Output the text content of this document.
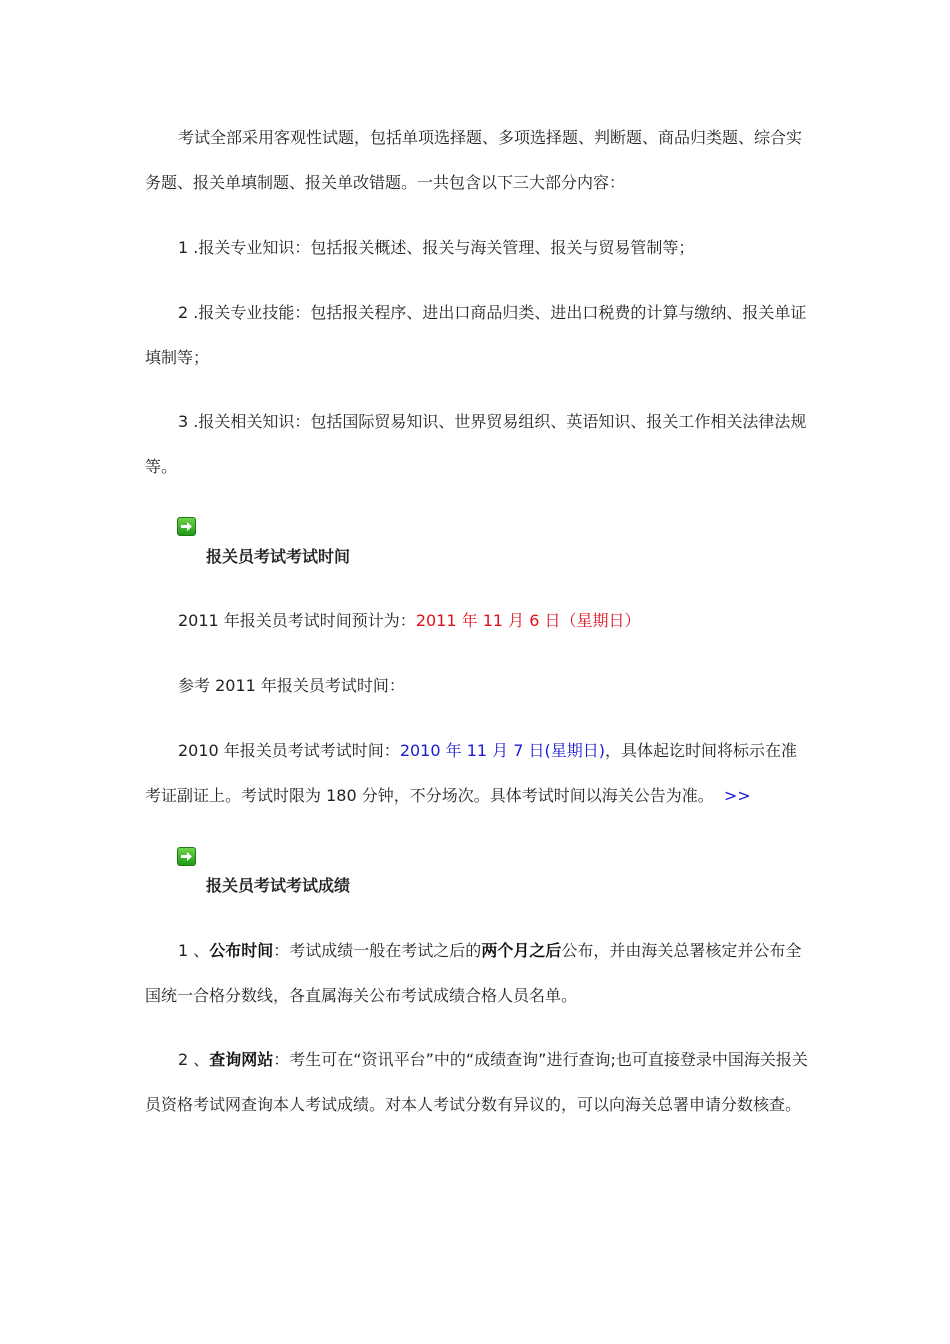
考试全部采用客观性试题，包括单项选择题、多项选择题、判断题、商品归类题、综合实务题、报关单填制题、报关单改错题。一共包含以下三大部分内容：

1 .报关专业知识：包括报关概述、报关与海关管理、报关与贸易管制等；

2 .报关专业技能：包括报关程序、进出口商品归类、进出口税费的计算与缴纳、报关单证填制等；

3 .报关相关知识：包括国际贸易知识、世界贸易组织、英语知识、报关工作相关法律法规等。

报关员考试考试时间

2011 年报关员考试时间预计为：2011 年 11 月 6 日（星期日）

参考 2011 年报关员考试时间：

2010 年报关员考试考试时间：2010 年 11 月 7 日(星期日)，具体起讫时间将标示在准考证副证上。考试时限为 180 分钟，不分场次。具体考试时间以海关公告为准。 >>

报关员考试考试成绩

1 、公布时间：考试成绩一般在考试之后的两个月之后公布，并由海关总署核定并公布全国统一合格分数线，各直属海关公布考试成绩合格人员名单。

2 、查询网站：考生可在“资讯平台”中的“成绩查询”进行查询;也可直接登录中国海关报关员资格考试网查询本人考试成绩。对本人考试分数有异议的，可以向海关总署申请分数核查。
